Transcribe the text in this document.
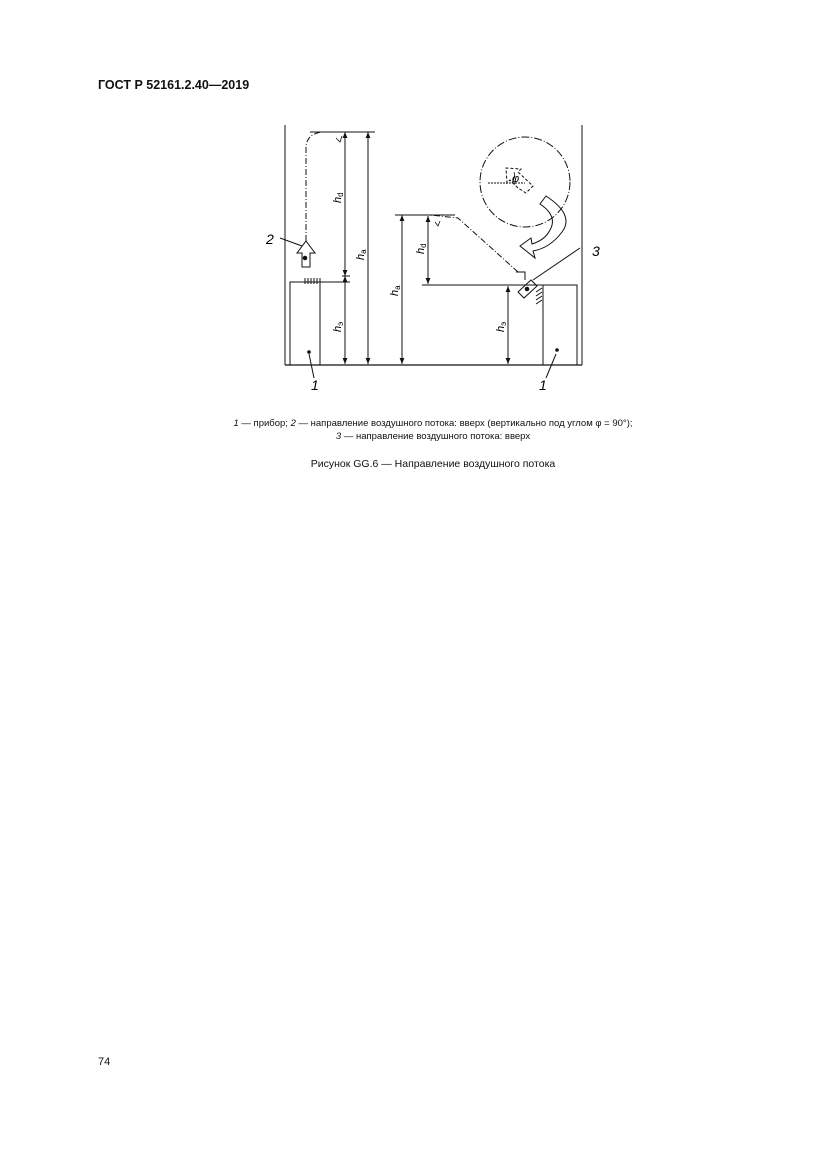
ГОСТ Р 52161.2.40—2019
hd
ha
hэ
ha
hd
hэ
φ
2
3
1	1
1 — прибор; 2 — направление воздушного потока: вверх (вертикально под углом φ = 90°);
3 — направление воздушного потока: вверх
Рисунок GG.6 — Направление воздушного потока
74
